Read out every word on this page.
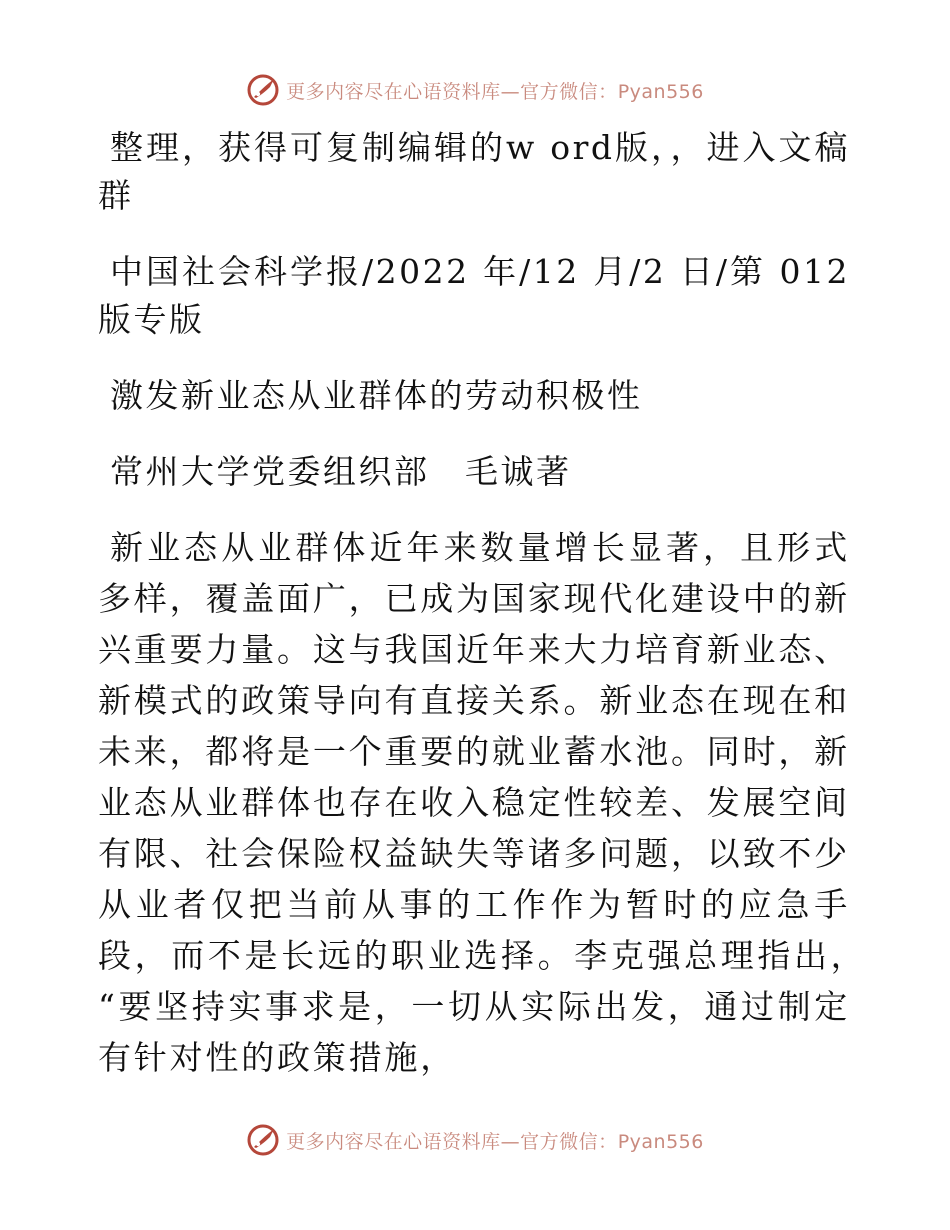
更多内容尽在心语资料库—官方微信：Pyan556

整理，获得可复制编辑的w ord版，，进入文稿群

中国社会科学报/2022 年/12 月/2 日/第 012 版专版

激发新业态从业群体的劳动积极性

常州大学党委组织部　毛诚著

新业态从业群体近年来数量增长显著，且形式多样，覆盖面广，已成为国家现代化建设中的新兴重要力量。这与我国近年来大力培育新业态、新模式的政策导向有直接关系。新业态在现在和未来，都将是一个重要的就业蓄水池。同时，新业态从业群体也存在收入稳定性较差、发展空间有限、社会保险权益缺失等诸多问题，以致不少从业者仅把当前从事的工作作为暂时的应急手段，而不是长远的职业选择。李克强总理指出，　“要坚持实事求是，一切从实际出发，通过制定有针对性的政策措施，

更多内容尽在心语资料库—官方微信：Pyan556
